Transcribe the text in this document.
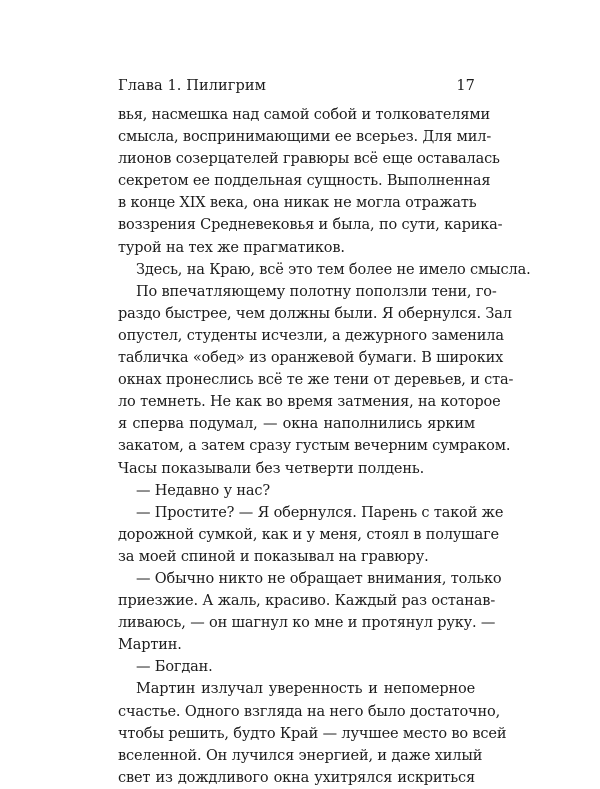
Глава 1. Пилигрим	17
вья, насмешка над самой собой и толкователями
смысла, воспринимающими ее всерьез. Для мил-
лионов созерцателей гравюры всё еще оставалась
секретом ее поддельная сущность. Выполненная
в конце XIX века, она никак не могла отражать
воззрения Средневековья и была, по сути, карика-
турой на тех же прагматиков.
Здесь, на Краю, всё это тем более не имело смысла.
По впечатляющему полотну поползли тени, го-
раздо быстрее, чем должны были. Я обернулся. Зал
опустел, студенты исчезли, а дежурного заменила
табличка «обед» из оранжевой бумаги. В широких
окнах пронеслись всё те же тени от деревьев, и ста-
ло темнеть. Не как во время затмения, на которое
я сперва подумал, — окна наполнились ярким
закатом, а затем сразу густым вечерним сумраком.
Часы показывали без четверти полдень.
— Недавно у нас?
— Простите? — Я обернулся. Парень с такой же
дорожной сумкой, как и у меня, стоял в полушаге
за моей спиной и показывал на гравюру.
— Обычно никто не обращает внимания, только
приезжие. А жаль, красиво. Каждый раз останав-
ливаюсь, — он шагнул ко мне и протянул руку. —
Мартин.
— Богдан.
Мартин излучал уверенность и непомерное
счастье. Одного взгляда на него было достаточно,
чтобы решить, будто Край — лучшее место во всей
вселенной. Он лучился энергией, и даже хилый
свет из дождливого окна ухитрялся искриться
